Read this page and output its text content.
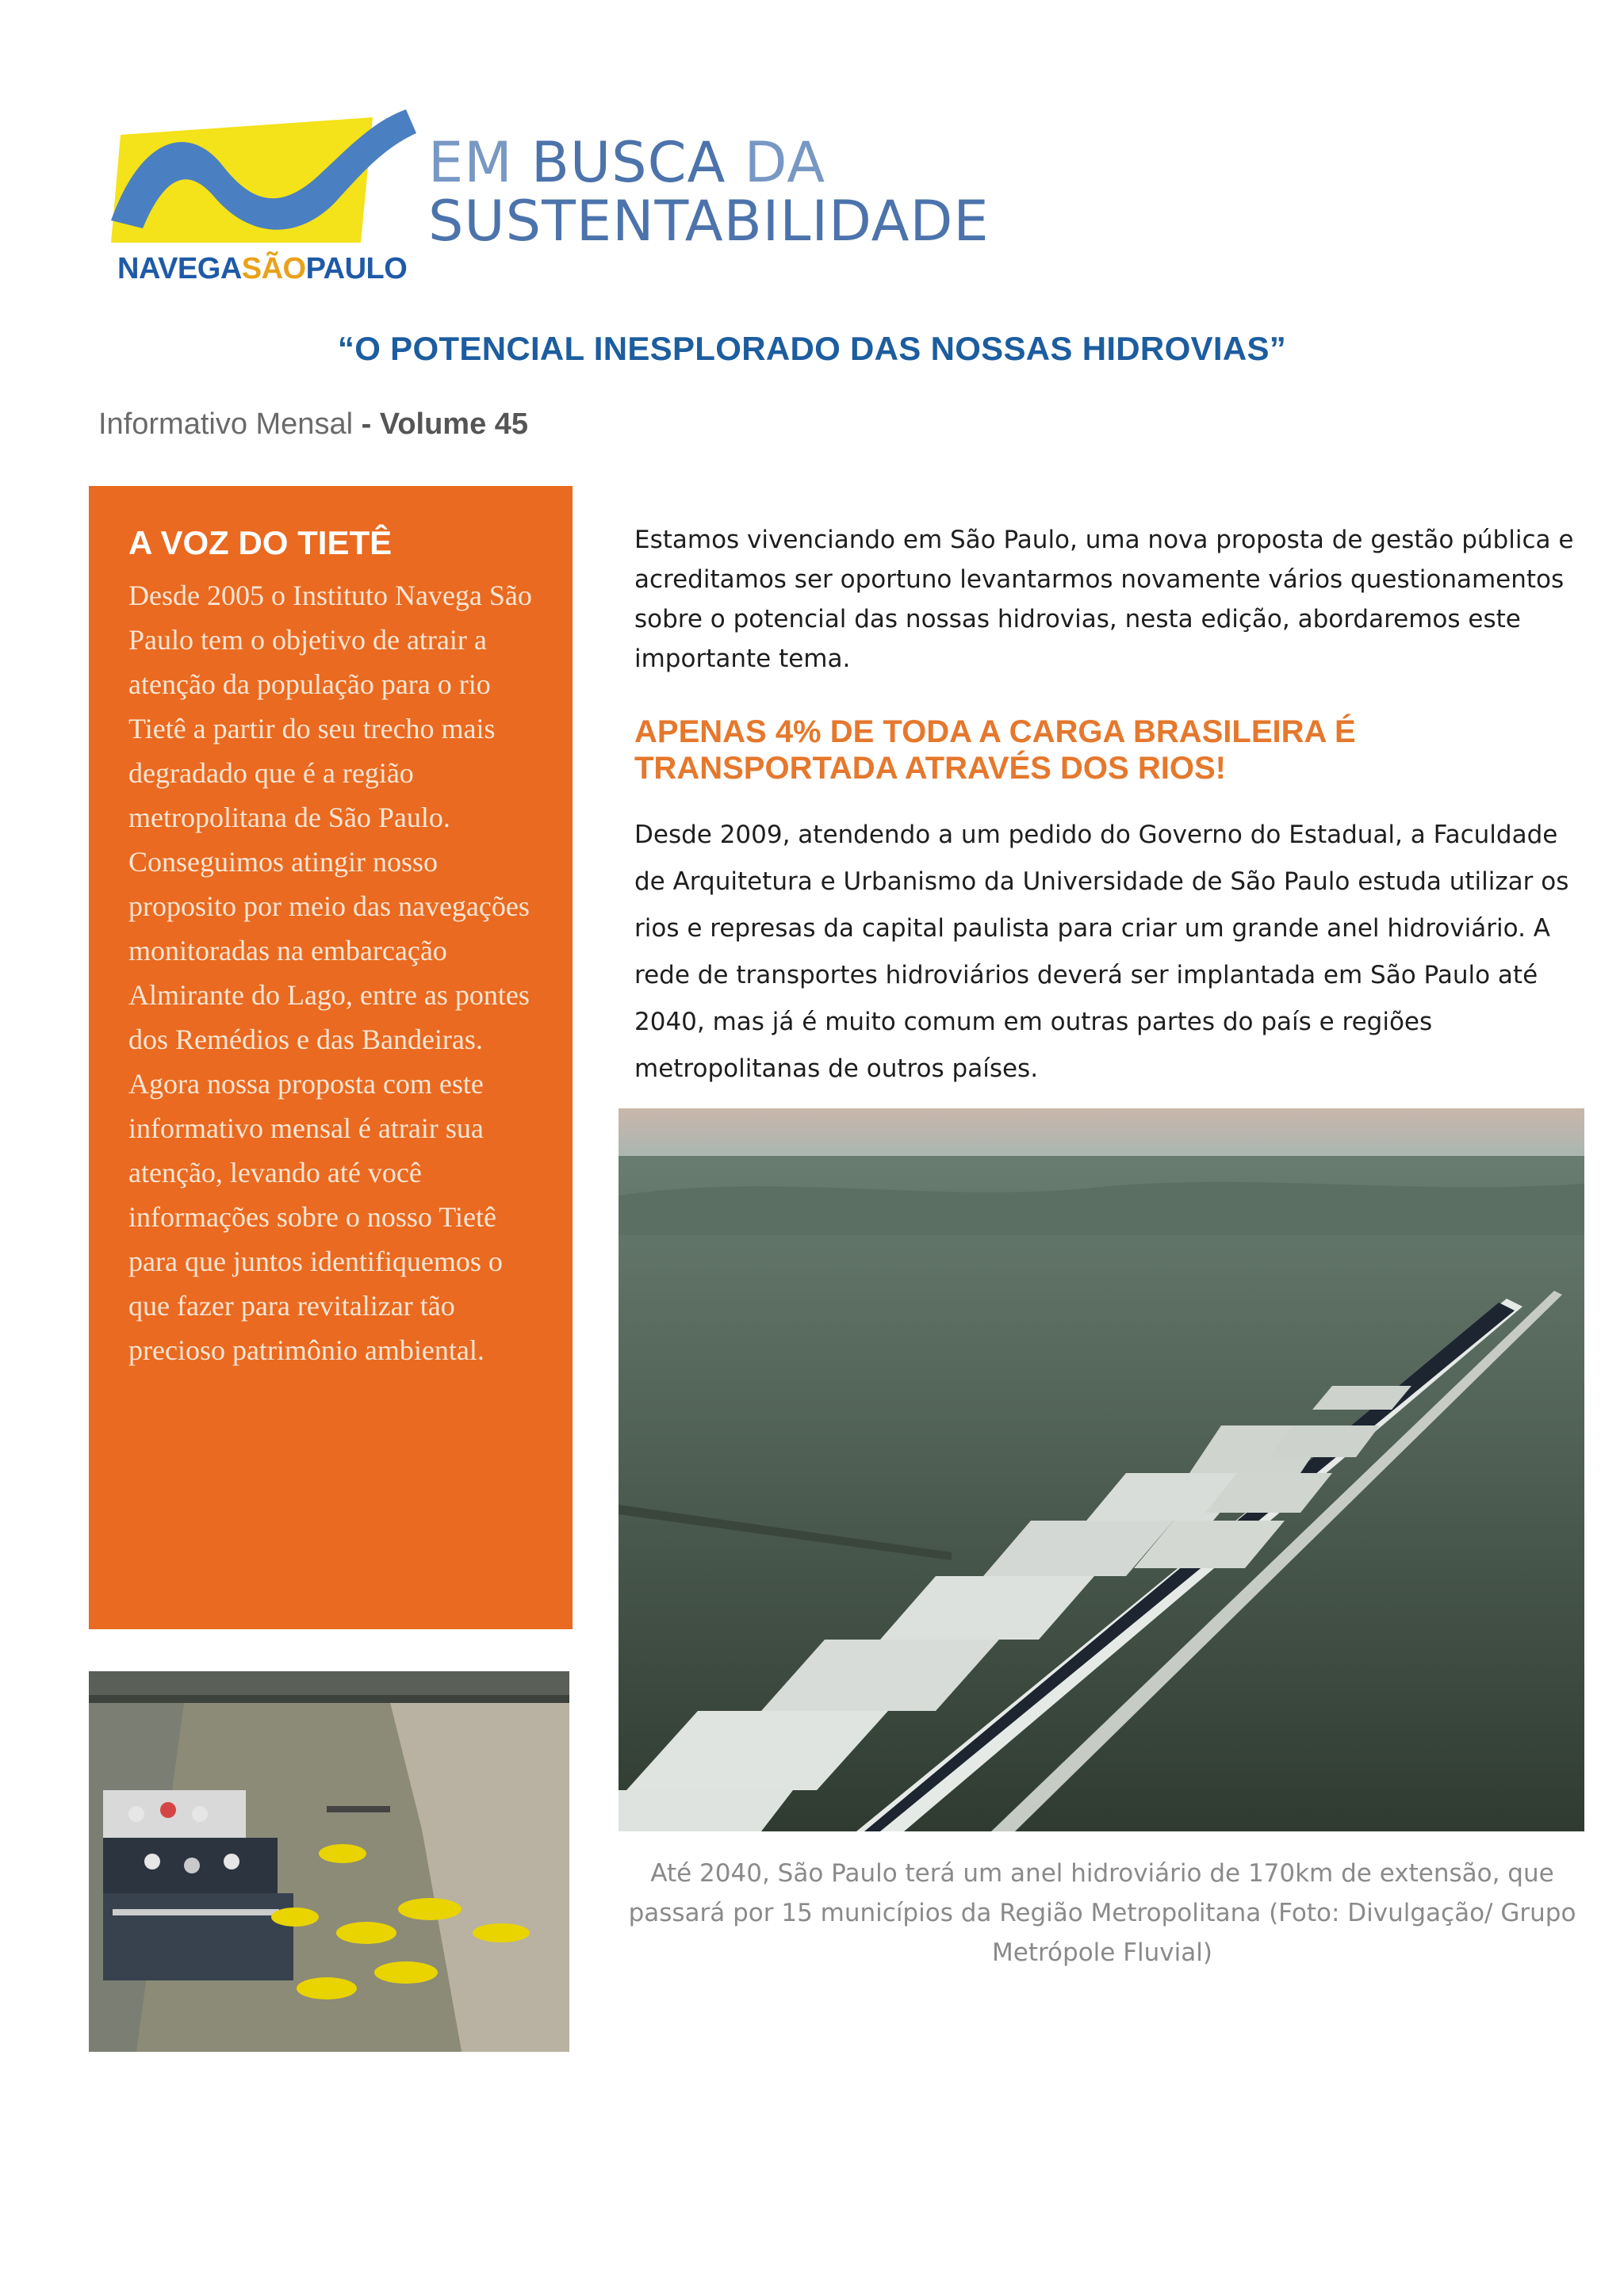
NAVEGASÃOPAULO
EM BUSCA DA
SUSTENTABILIDADE
“O POTENCIAL INESPLORADO DAS NOSSAS HIDROVIAS”
Informativo Mensal - Volume 45
A VOZ DO TIETÊ

Desde 2005 o Instituto Navega São Paulo tem o objetivo de atrair a atenção da população para o rio Tietê a partir do seu trecho mais degradado que é a região metropolitana de São Paulo. Conseguimos atingir nosso proposito por meio das navegações monitoradas na embarcação Almirante do Lago, entre as pontes dos Remédios e das Bandeiras. Agora nossa proposta com este informativo mensal é atrair sua atenção, levando até você informações sobre o nosso Tietê para que juntos identifiquemos o que fazer para revitalizar tão precioso patrimônio ambiental.

Estamos vivenciando em São Paulo, uma nova proposta de gestão pública e acreditamos ser oportuno levantarmos novamente vários questionamentos sobre o potencial das nossas hidrovias, nesta edição, abordaremos este importante tema.
APENAS 4% DE TODA A CARGA BRASILEIRA É TRANSPORTADA ATRAVÉS DOS RIOS!
Desde 2009, atendendo a um pedido do Governo do Estadual, a Faculdade de Arquitetura e Urbanismo da Universidade de São Paulo estuda utilizar os rios e represas da capital paulista para criar um grande anel hidroviário. A rede de transportes hidroviários deverá ser implantada em São Paulo até 2040, mas já é muito comum em outras partes do país e regiões metropolitanas de outros países.
Até 2040, São Paulo terá um anel hidroviário de 170km de extensão, que passará por 15 municípios da Região Metropolitana (Foto: Divulgação/ Grupo Metrópole Fluvial)
